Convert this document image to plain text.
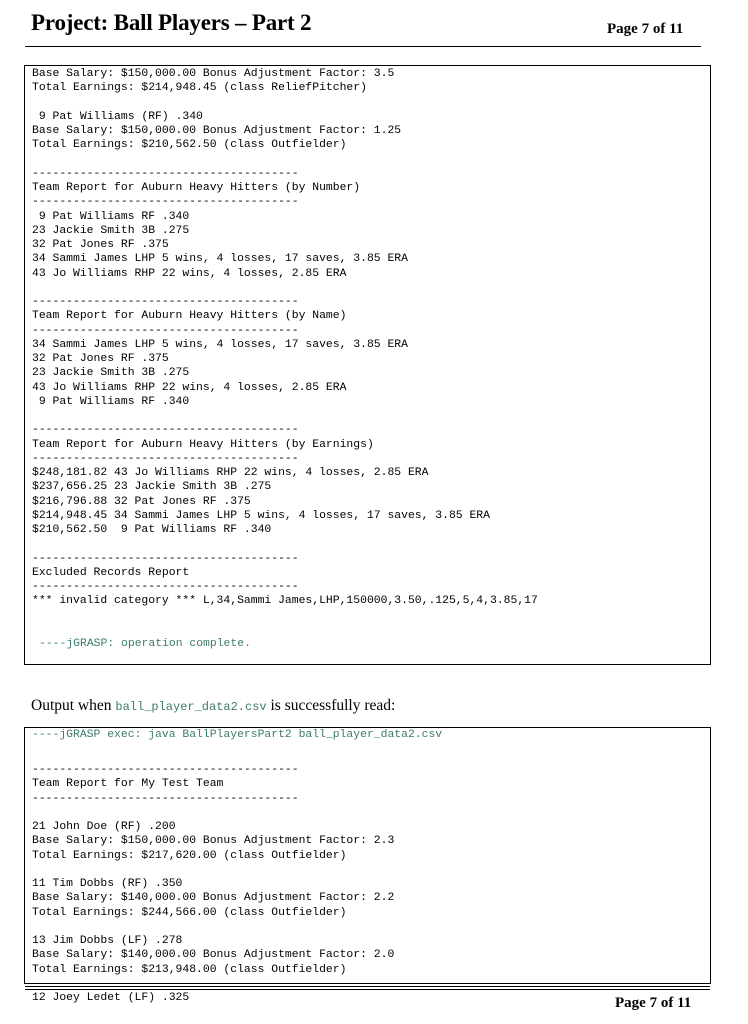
Project: Ball Players – Part 2	Page 7 of 11
Base Salary: $150,000.00 Bonus Adjustment Factor: 3.5
Total Earnings: $214,948.45 (class ReliefPitcher)

9 Pat Williams (RF) .340
Base Salary: $150,000.00 Bonus Adjustment Factor: 1.25
Total Earnings: $210,562.50 (class Outfielder)

---------------------------------------
Team Report for Auburn Heavy Hitters (by Number)
---------------------------------------
9 Pat Williams RF .340
23 Jackie Smith 3B .275
32 Pat Jones RF .375
34 Sammi James LHP 5 wins, 4 losses, 17 saves, 3.85 ERA
43 Jo Williams RHP 22 wins, 4 losses, 2.85 ERA

---------------------------------------
Team Report for Auburn Heavy Hitters (by Name)
---------------------------------------
34 Sammi James LHP 5 wins, 4 losses, 17 saves, 3.85 ERA
32 Pat Jones RF .375
23 Jackie Smith 3B .275
43 Jo Williams RHP 22 wins, 4 losses, 2.85 ERA
9 Pat Williams RF .340

---------------------------------------
Team Report for Auburn Heavy Hitters (by Earnings)
---------------------------------------
$248,181.82 43 Jo Williams RHP 22 wins, 4 losses, 2.85 ERA
$237,656.25 23 Jackie Smith 3B .275
$216,796.88 32 Pat Jones RF .375
$214,948.45 34 Sammi James LHP 5 wins, 4 losses, 17 saves, 3.85 ERA
$210,562.50  9 Pat Williams RF .340

---------------------------------------
Excluded Records Report
---------------------------------------
*** invalid category *** L,34,Sammi James,LHP,150000,3.50,.125,5,4,3.85,17
----jGRASP: operation complete.
Output when ball_player_data2.csv is successfully read:
----jGRASP exec: java BallPlayersPart2 ball_player_data2.csv
---------------------------------------
Team Report for My Test Team
---------------------------------------

21 John Doe (RF) .200
Base Salary: $150,000.00 Bonus Adjustment Factor: 2.3
Total Earnings: $217,620.00 (class Outfielder)

11 Tim Dobbs (RF) .350
Base Salary: $140,000.00 Bonus Adjustment Factor: 2.2
Total Earnings: $244,566.00 (class Outfielder)

13 Jim Dobbs (LF) .278
Base Salary: $140,000.00 Bonus Adjustment Factor: 2.0
Total Earnings: $213,948.00 (class Outfielder)

12 Joey Ledet (LF) .325	Page 7 of 11
